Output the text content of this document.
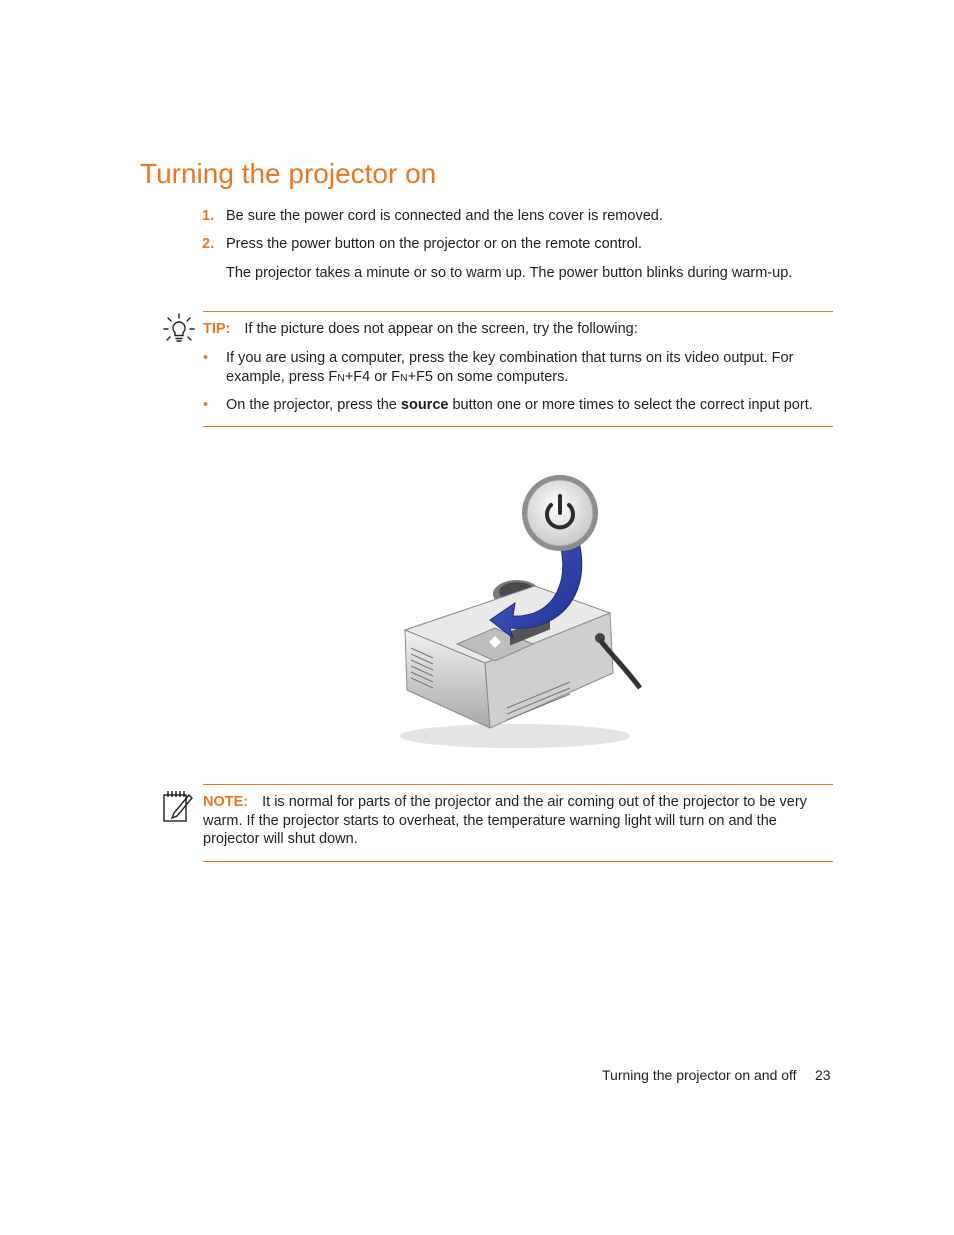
Turning the projector on
1. Be sure the power cord is connected and the lens cover is removed.
2. Press the power button on the projector or on the remote control.
The projector takes a minute or so to warm up. The power button blinks during warm-up.
TIP: If the picture does not appear on the screen, try the following:
• If you are using a computer, press the key combination that turns on its video output. For example, press FN+F4 or FN+F5 on some computers.
• On the projector, press the source button one or more times to select the correct input port.
NOTE: It is normal for parts of the projector and the air coming out of the projector to be very warm. If the projector starts to overheat, the temperature warning light will turn on and the projector will shut down.
Turning the projector on and off 23
